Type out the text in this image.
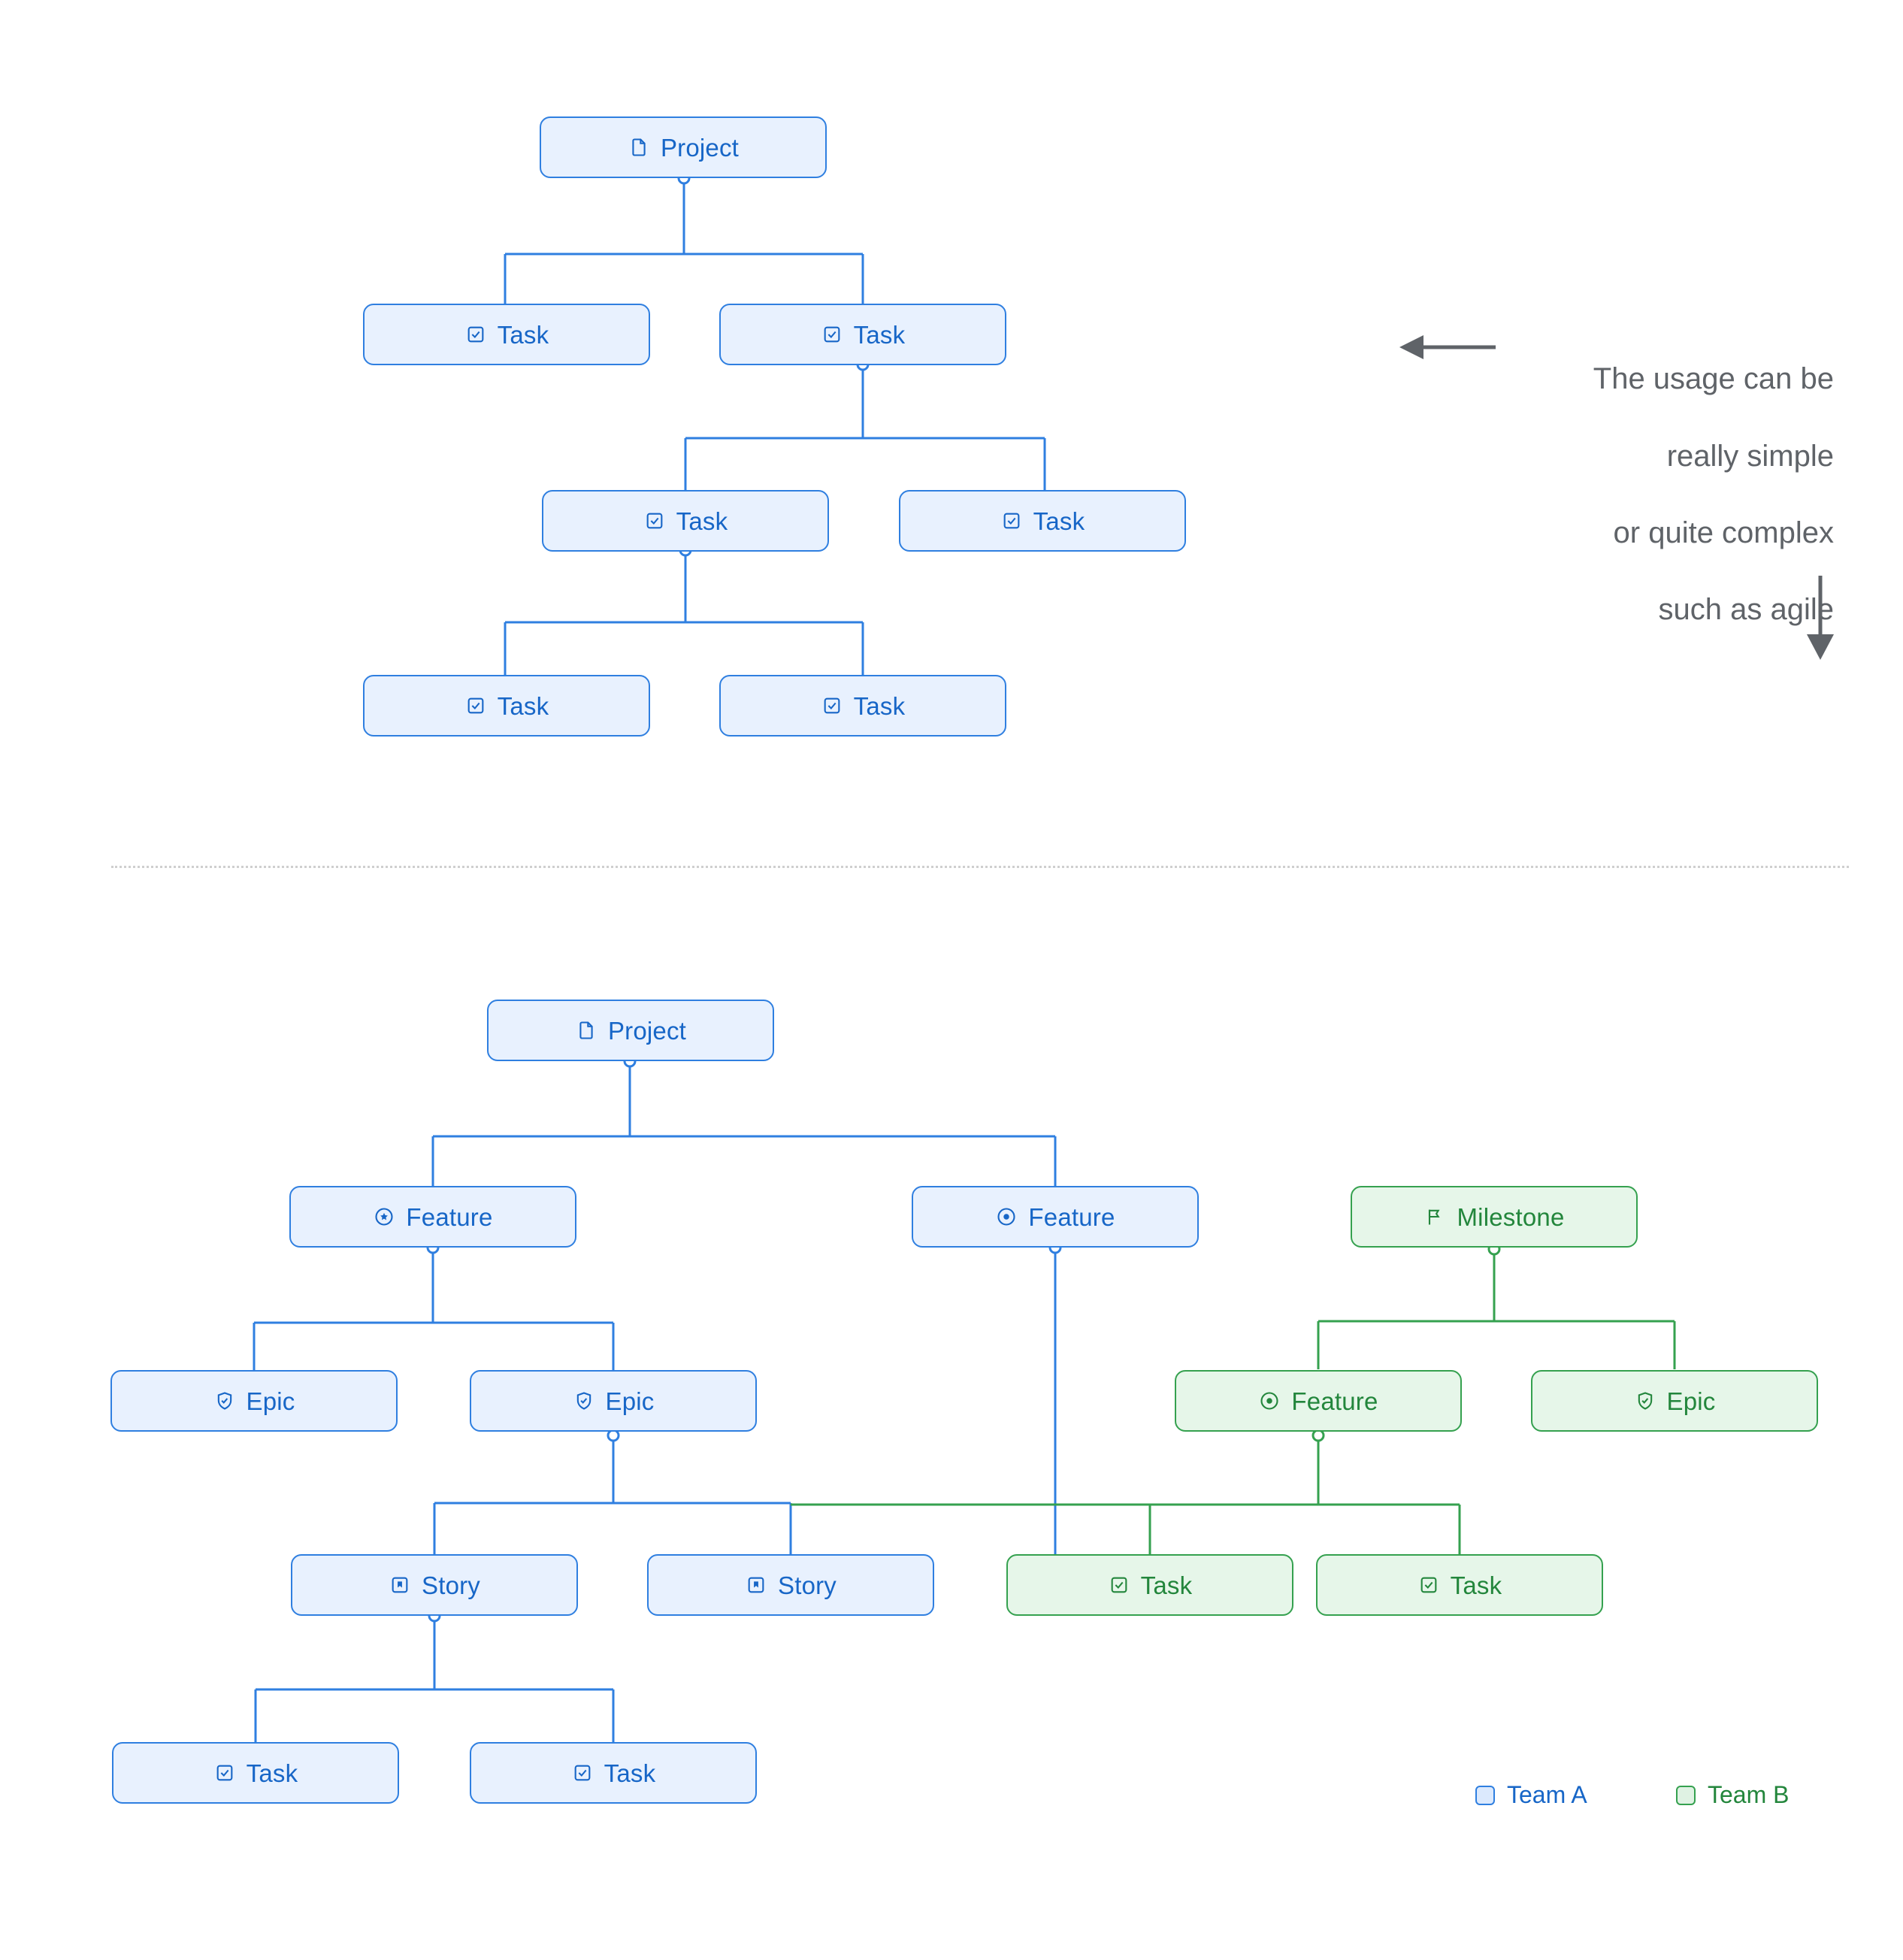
Project
Task	Task
Task	Task
Task	Task

The usage can be

really simple

or quite complex

such as agile

Project
Feature	Feature	Milestone
Epic	Epic	Feature	Epic
Story	Story	Task	Task
Task	Task
Team A	Team B
